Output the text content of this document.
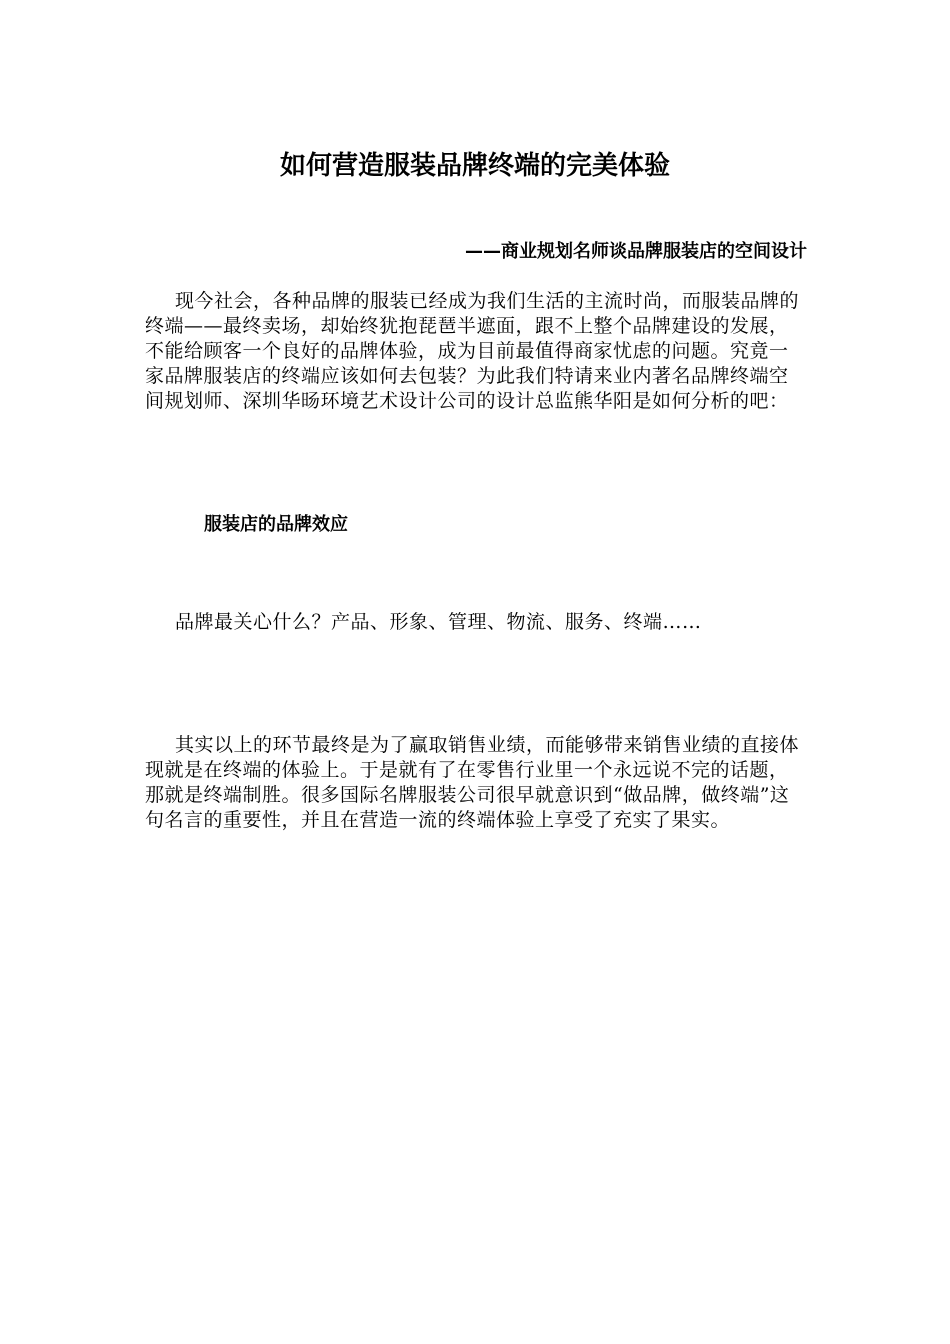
如何营造服装品牌终端的完美体验
——商业规划名师谈品牌服装店的空间设计

现今社会，各种品牌的服装已经成为我们生活的主流时尚，而服装品牌的终端——最终卖场，却始终犹抱琵琶半遮面，跟不上整个品牌建设的发展，不能给顾客一个良好的品牌体验，成为目前最值得商家忧虑的问题。究竟一家品牌服装店的终端应该如何去包装？为此我们特请来业内著名品牌终端空间规划师、深圳华旸环境艺术设计公司的设计总监熊华阳是如何分析的吧：

服装店的品牌效应

品牌最关心什么？产品、形象、管理、物流、服务、终端……

其实以上的环节最终是为了赢取销售业绩，而能够带来销售业绩的直接体现就是在终端的体验上。于是就有了在零售行业里一个永远说不完的话题，那就是终端制胜。很多国际名牌服装公司很早就意识到“做品牌，做终端”这句名言的重要性，并且在营造一流的终端体验上享受了充实了果实。
